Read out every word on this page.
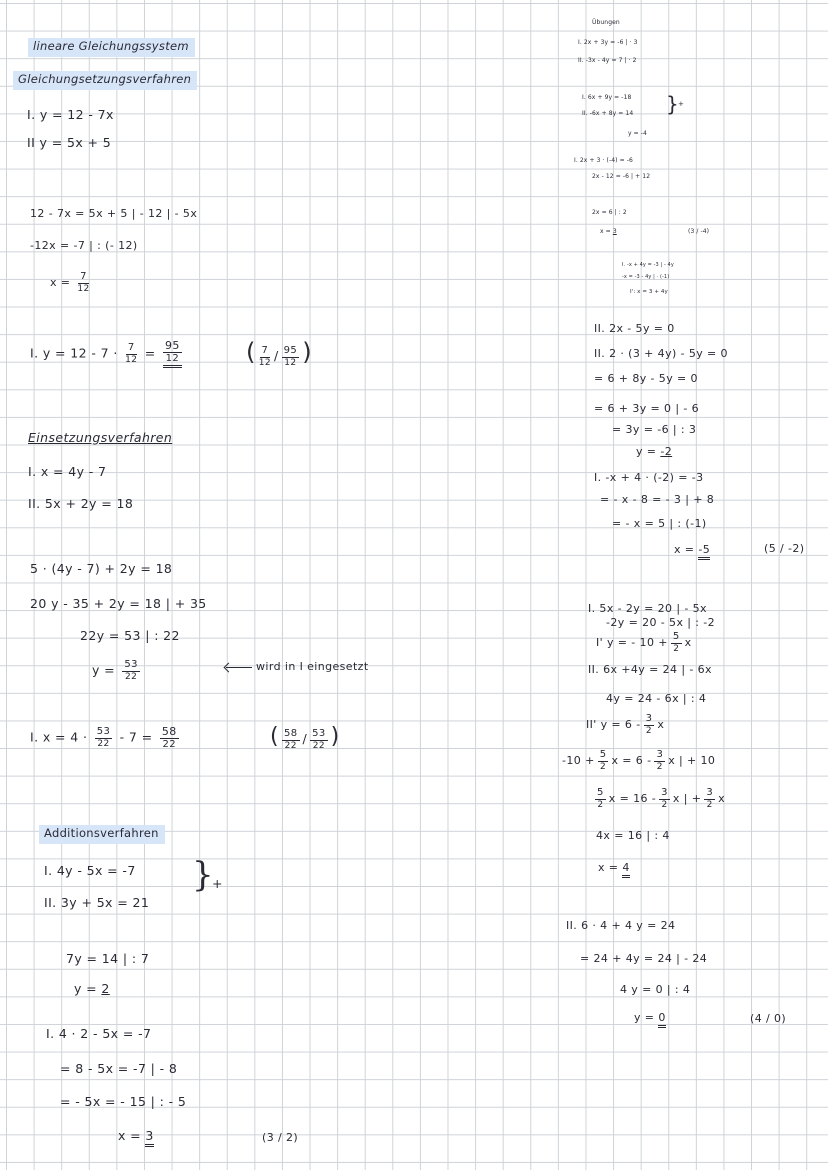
lineare Gleichungssystem
Gleichungsetzungsverfahren
I. y = 12 - 7x
II y = 5x + 5
12 - 7x = 5x + 5 | - 12 | - 5x
-12x = -7 | : (- 12)
$x = \frac{7}{12}$
I. $y = 12 - 7 \cdot \frac{7}{12} = \frac{95}{12}$	( $\frac{7}{12} / \frac{95}{12}$ )
Einsetzungsverfahren
I. x = 4y - 7
II. 5x + 2y = 18
5 · (4y - 7) + 2y = 18
20 y - 35 + 2y = 18 | + 35
22y = 53 | : 22
$y = \frac{53}{22}$	wird in I eingesetzt
I. $x = 4 \cdot \frac{53}{22} - 7 = \frac{58}{22}$	( $\frac{58}{22} / \frac{53}{22}$ )
Additionsverfahren
I. 4y - 5x = -7
II. 3y + 5x = 21
}
+
7y = 14 | : 7
y = 2
I. 4 · 2 - 5x = -7
= 8 - 5x = -7 | - 8
= - 5x = - 15 | : - 5
x = 3	(3 / 2)
Übungen
I. 2x + 3y = -6 | · 3
II. -3x - 4y = 7 | · 2
I. 6x + 9y = -18
II. -6x + 8y = 14 }
+
y = -4
I. 2x + 3 · (-4) = -6
2x - 12 = -6 | + 12
2x = 6 | : 2
x = 3	(3 / -4)
I. -x + 4y = -3 | - 4y
-x = -3 - 4y | · (-1)
I': x = 3 + 4y
II. 2x - 5y = 0
II. 2 · (3 + 4y) - 5y = 0
= 6 + 8y - 5y = 0
= 6 + 3y = 0 | - 6
= 3y = -6 | : 3
y = -2
I. -x + 4 · (-2) = -3
= - x - 8 = - 3 | + 8
= - x = 5 | : (-1)
x = -5	(5 / -2)
I. 5x - 2y = 20 | - 5x
-2y = 20 - 5x | : -2
I' y = - $10 + \frac{5}{2}$ x
II. 6x +4y = 24 | - 6x
4y = 24 - 6x | : 4
II' $y = 6 - \frac{3}{2}$ x
$-10 + \frac{5}{2}$ $x = 6 - \frac{3}{2}$ x | + 10
$\frac{5}{2}$ $x = 16 - \frac{3}{2}$ x | + $\frac{3}{2}$ x
4x = 16 | : 4
x = 4
II. 6 · 4 + 4 y = 24
= 24 + 4y = 24 | - 24
4 y = 0 | : 4
y = 0	(4 / 0)
